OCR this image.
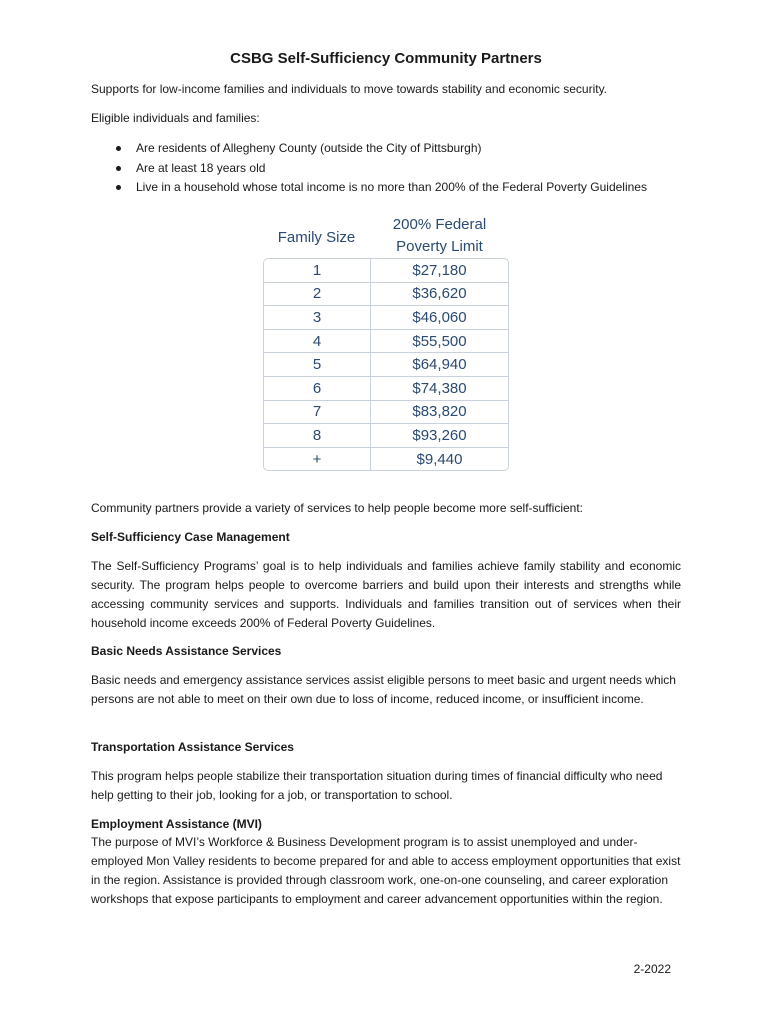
CSBG Self-Sufficiency Community Partners

Supports for low-income families and individuals to move towards stability and economic security.

Eligible individuals and families:

Are residents of Allegheny County (outside the City of Pittsburgh)
Are at least 18 years old
Live in a household whose total income is no more than 200% of the Federal Poverty Guidelines

Community partners provide a variety of services to help people become more self-sufficient:

Self-Sufficiency Case Management

The Self-Sufficiency Programs’ goal is to help individuals and families achieve family stability and economic security. The program helps people to overcome barriers and build upon their interests and strengths while accessing community services and supports. Individuals and families transition out of services when their household income exceeds 200% of Federal Poverty Guidelines.

Basic Needs Assistance Services

Basic needs and emergency assistance services assist eligible persons to meet basic and urgent needs which persons are not able to meet on their own due to loss of income, reduced income, or insufficient income.

Transportation Assistance Services

This program helps people stabilize their transportation situation during times of financial difficulty who need help getting to their job, looking for a job, or transportation to school.

Employment Assistance (MVI)

The purpose of MVI’s Workforce & Business Development program is to assist unemployed and under-employed Mon Valley residents to become prepared for and able to access employment opportunities that exist in the region. Assistance is provided through classroom work, one-on-one counseling, and career exploration workshops that expose participants to employment and career advancement opportunities within the region.

Family Size
200% Federal
Poverty Limit
1	$27,180
2	$36,620
3	$46,060
4	$55,500
5	$64,940
6	$74,380
7	$83,820
8	$93,260
+	$9,440
2-2022
